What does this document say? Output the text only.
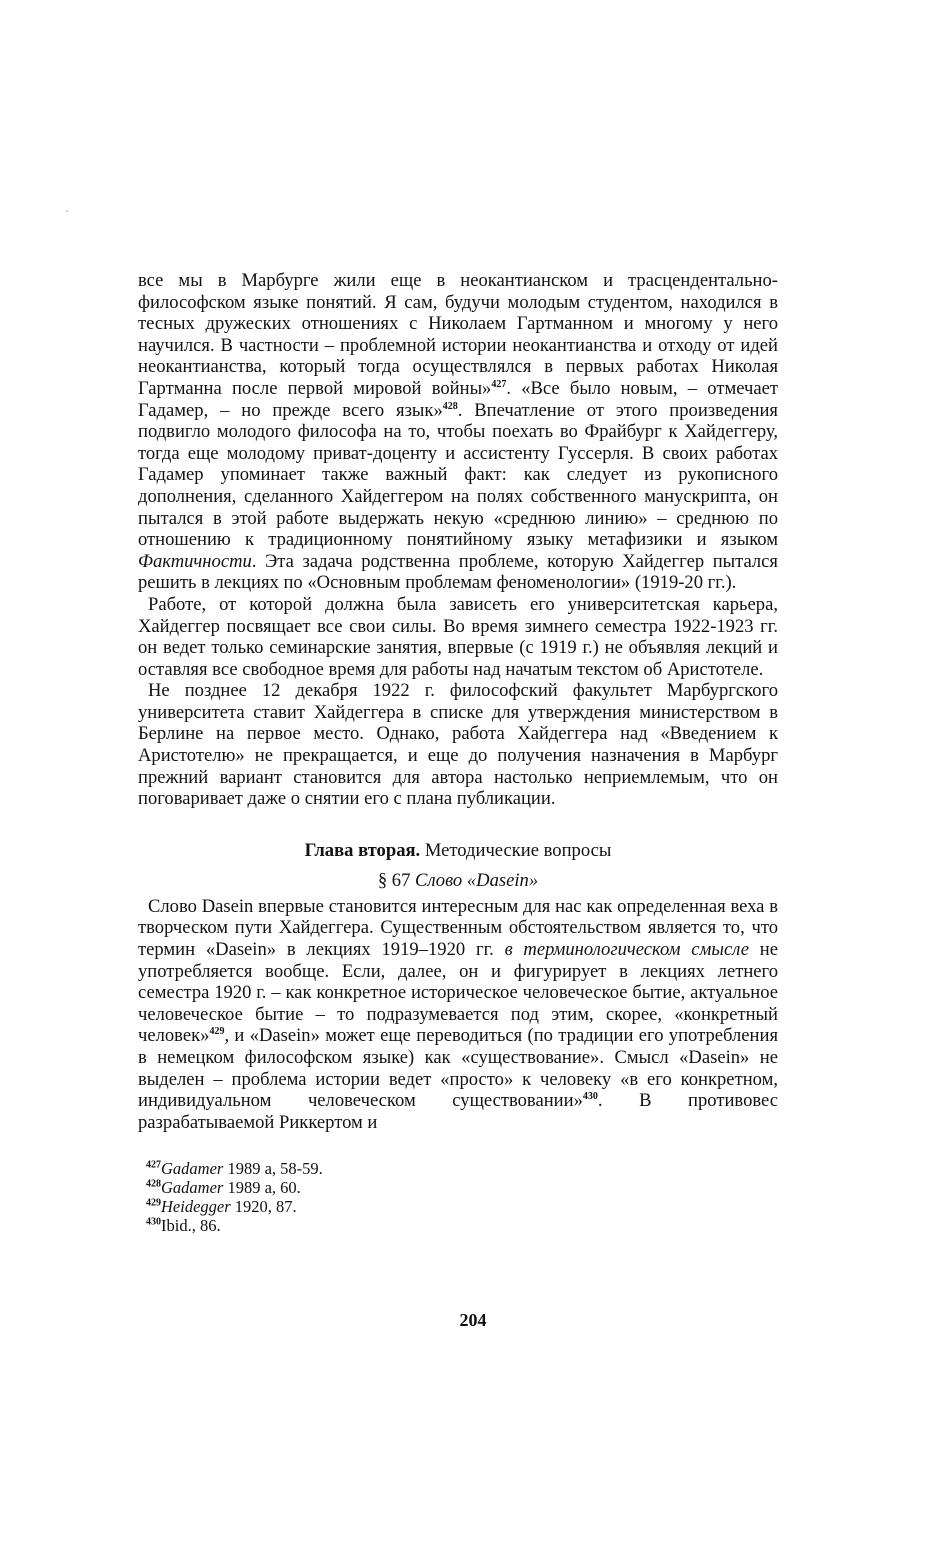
все мы в Марбурге жили еще в неокантианском и трасцендентально-философском языке понятий. Я сам, будучи молодым студентом, находился в тесных дружеских отношениях с Николаем Гартманном и многому у него научился. В частности – проблемной истории неокантианства и отходу от идей неокантианства, который тогда осуществлялся в первых работах Николая Гартманна после первой мировой войны»$^{427}$. «Все было новым, – отмечает Гадамер, – но прежде всего язык»$^{428}$. Впечатление от этого произведения подвигло молодого философа на то, чтобы поехать во Фрайбург к Хайдеггеру, тогда еще молодому приват-доценту и ассистенту Гуссерля. В своих работах Гадамер упоминает также важный факт: как следует из рукописного дополнения, сделанного Хайдеггером на полях собственного манускрипта, он пытался в этой работе выдержать некую «среднюю линию» – среднюю по отношению к традиционному понятийному языку метафизики и языком Фактичности. Эта задача родственна проблеме, которую Хайдеггер пытался решить в лекциях по «Основным проблемам феноменологии» (1919-20 гг.).

Работе, от которой должна была зависеть его университетская карьера, Хайдеггер посвящает все свои силы. Во время зимнего семестра 1922-1923 гг. он ведет только семинарские занятия, впервые (с 1919 г.) не объявляя лекций и оставляя все свободное время для работы над начатым текстом об Аристотеле.

Не позднее 12 декабря 1922 г. философский факультет Марбургского университета ставит Хайдеггера в списке для утверждения министерством в Берлине на первое место. Однако, работа Хайдеггера над «Введением к Аристотелю» не прекращается, и еще до получения назначения в Марбург прежний вариант становится для автора настолько неприемлемым, что он поговаривает даже о снятии его с плана публикации.

Глава вторая. Методические вопросы
§ 67 Слово «Dasein»

Слово Dasein впервые становится интересным для нас как определенная веха в творческом пути Хайдеггера. Существенным обстоятельством является то, что термин «Dasein» в лекциях 1919–1920 гг. в терминологическом смысле не употребляется вообще. Если, далее, он и фигурирует в лекциях летнего семестра 1920 г. – как конкретное историческое человеческое бытие, актуальное человеческое бытие – то подразумевается под этим, скорее, «конкретный человек»$^{429}$, и «Dasein» может еще переводиться (по традиции его употребления в немецком философском языке) как «существование». Смысл «Dasein» не выделен – проблема истории ведет «просто» к человеку «в его конкретном, индивидуальном человеческом существовании»$^{430}$. В противовес разрабатываемой Риккертом и

$^{427}$Gadamer 1989 a, 58-59.
$^{428}$Gadamer 1989 a, 60.
$^{429}$Heidegger 1920, 87.
$^{430}$Ibid., 86.
204
